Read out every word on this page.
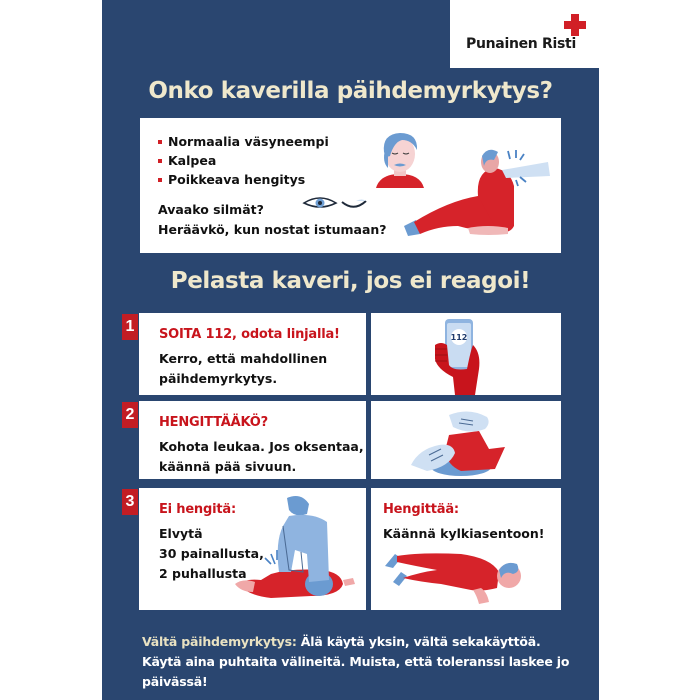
Punainen Risti
Onko kaverilla päihdemyrkytys?
Normaalia väsyneempi
Kalpea
Poikkeava hengitys
Avaako silmät?
Heräävkö, kun nostat istumaan?
Pelasta kaveri, jos ei reagoi!
1 SOITA 112, odota linjalla!
Kerro, että mahdollinen
päihdemyrkytys.
112
2 HENGITTÄÄKÖ?
Kohota leukaa. Jos oksentaa,
käännä pää sivuun.
3 Ei hengitä:
Elvytä
30 painallusta,
2 puhallusta
Hengittää:
Käännä kylkiasentoon!
Vältä päihdemyrkytys: Älä käytä yksin, vältä sekakäyttöä. Käytä aina puhtaita välineitä. Muista, että toleranssi laskee jo päivässä!
